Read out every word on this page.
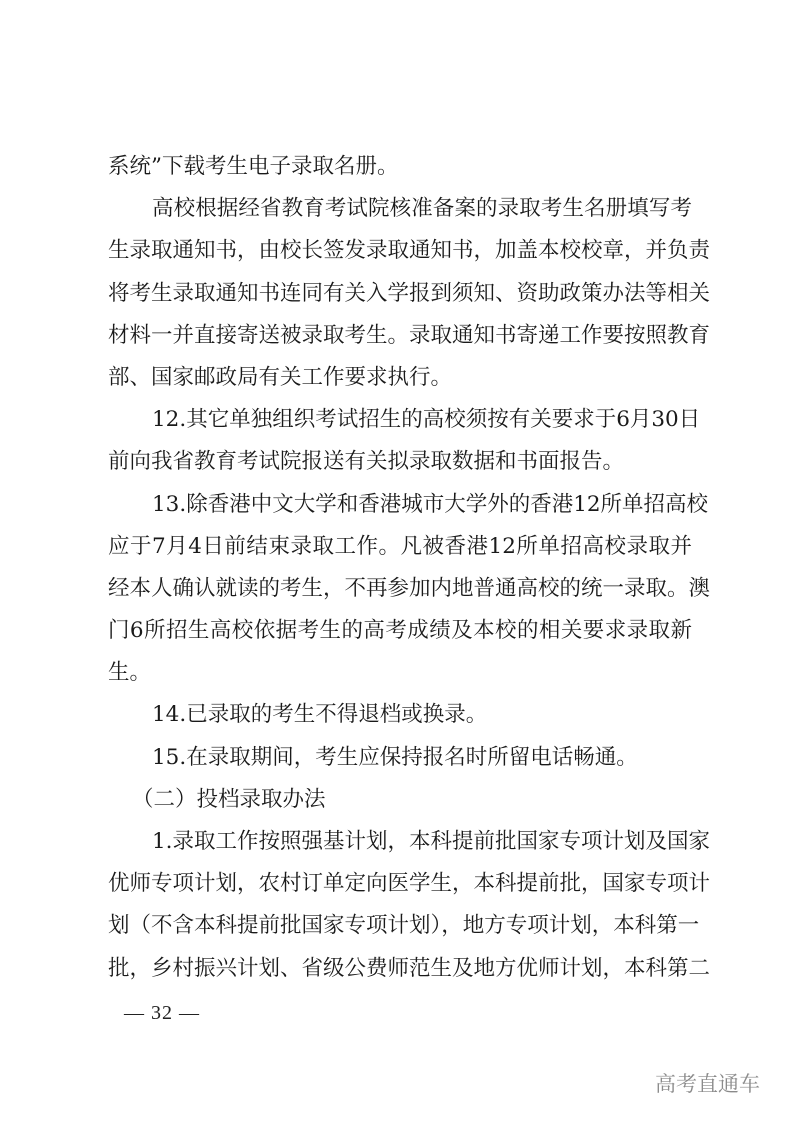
系统”下载考生电子录取名册。
高校根据经省教育考试院核准备案的录取考生名册填写考
生录取通知书，由校长签发录取通知书，加盖本校校章，并负责
将考生录取通知书连同有关入学报到须知、资助政策办法等相关
材料一并直接寄送被录取考生。录取通知书寄递工作要按照教育
部、国家邮政局有关工作要求执行。
12.其它单独组织考试招生的高校须按有关要求于6月30日
前向我省教育考试院报送有关拟录取数据和书面报告。
13.除香港中文大学和香港城市大学外的香港12所单招高校
应于7月4日前结束录取工作。凡被香港12所单招高校录取并
经本人确认就读的考生，不再参加内地普通高校的统一录取。澳
门6所招生高校依据考生的高考成绩及本校的相关要求录取新
生。
14.已录取的考生不得退档或换录。
15.在录取期间，考生应保持报名时所留电话畅通。
（二）投档录取办法
1.录取工作按照强基计划，本科提前批国家专项计划及国家
优师专项计划，农村订单定向医学生，本科提前批，国家专项计
划（不含本科提前批国家专项计划），地方专项计划，本科第一
批，乡村振兴计划、省级公费师范生及地方优师计划，本科第二
— 32 —
高考直通车
